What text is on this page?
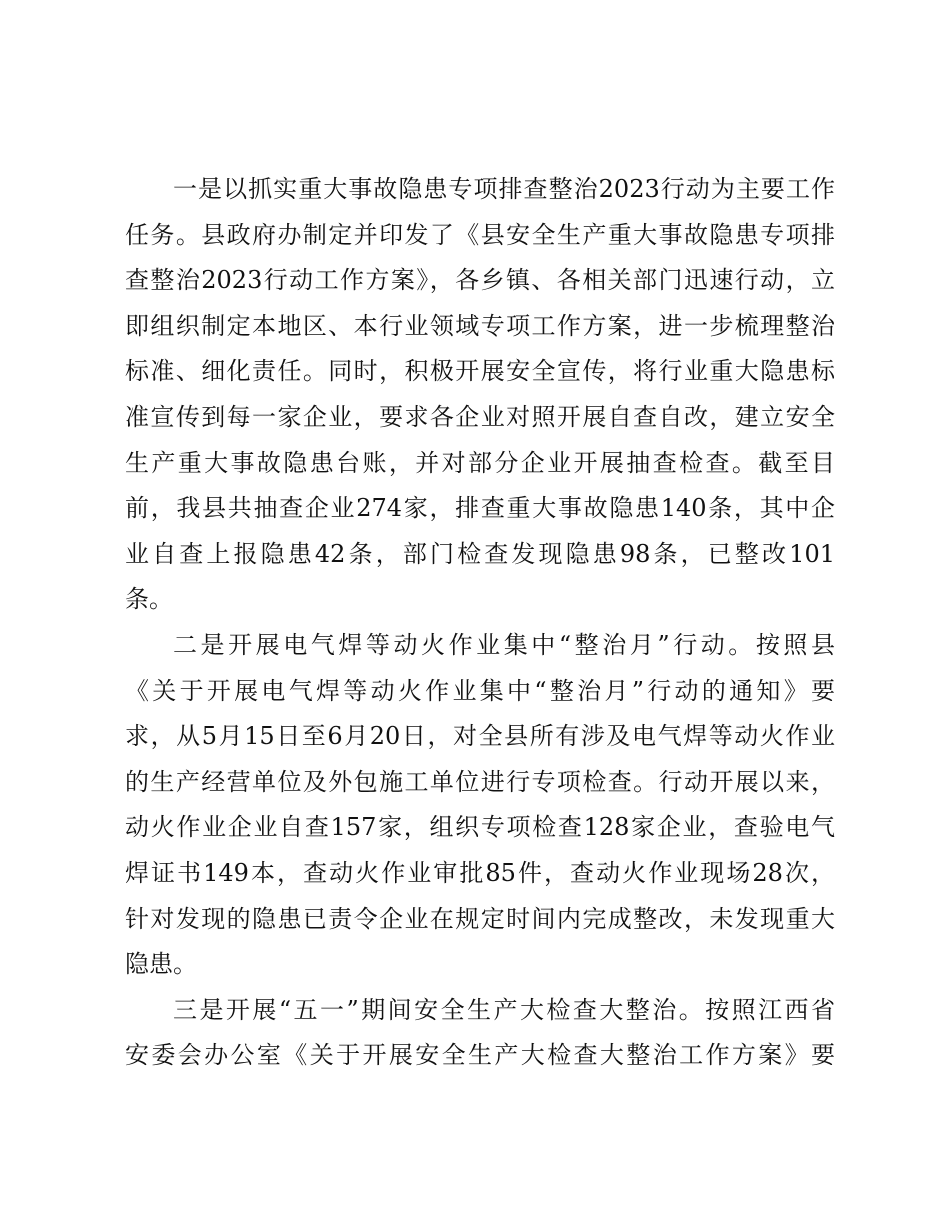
一是以抓实重大事故隐患专项排查整治2023行动为主要工作
任务。县政府办制定并印发了《县安全生产重大事故隐患专项排
查整治2023行动工作方案》，各乡镇、各相关部门迅速行动，立
即组织制定本地区、本行业领域专项工作方案，进一步梳理整治
标准、细化责任。同时，积极开展安全宣传，将行业重大隐患标
准宣传到每一家企业，要求各企业对照开展自查自改，建立安全
生产重大事故隐患台账，并对部分企业开展抽查检查。截至目
前，我县共抽查企业274家，排查重大事故隐患140条，其中企
业自查上报隐患42条，部门检查发现隐患98条，已整改101
条。
二是开展电气焊等动火作业集中“整治月”行动。按照县
《关于开展电气焊等动火作业集中“整治月”行动的通知》要
求，从5月15日至6月20日，对全县所有涉及电气焊等动火作业
的生产经营单位及外包施工单位进行专项检查。行动开展以来，
动火作业企业自查157家，组织专项检查128家企业，查验电气
焊证书149本，查动火作业审批85件，查动火作业现场28次，
针对发现的隐患已责令企业在规定时间内完成整改，未发现重大
隐患。
三是开展“五一”期间安全生产大检查大整治。按照江西省
安委会办公室《关于开展安全生产大检查大整治工作方案》要
